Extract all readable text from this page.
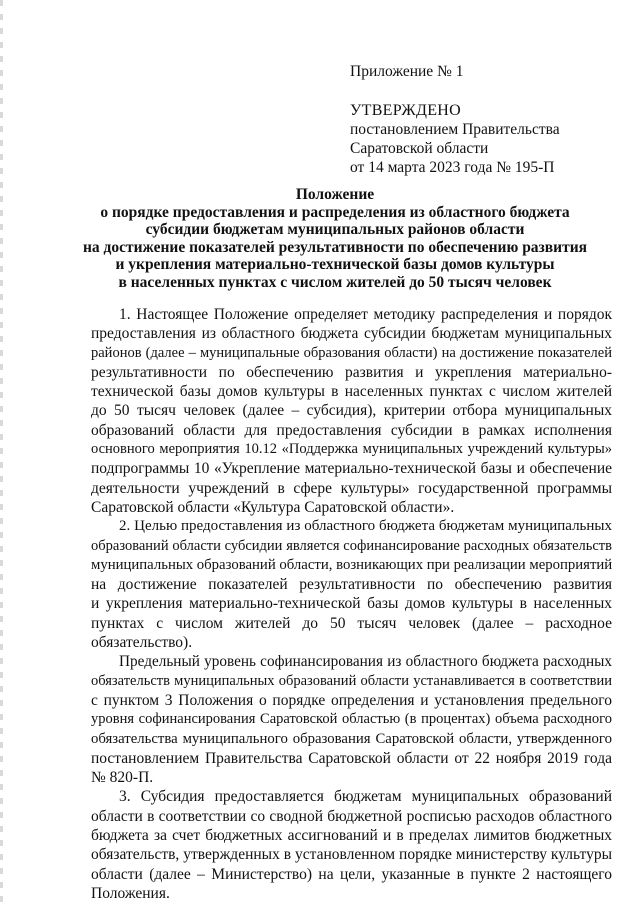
Приложение № 1
УТВЕРЖДЕНО
постановлением Правительства
Саратовской области
от 14 марта 2023 года № 195-П
Положение
о порядке предоставления и распределения из областного бюджета
субсидии бюджетам муниципальных районов области
на достижение показателей результативности по обеспечению развития
и укрепления материально-технической базы домов культуры
в населенных пунктах с числом жителей до 50 тысяч человек

1. Настоящее Положение определяет методику распределения и порядок
предоставления из областного бюджета субсидии бюджетам муниципальных
районов (далее – муниципальные образования области) на достижение показателей
результативности по обеспечению развития и укрепления материально-
технической базы домов культуры в населенных пунктах с числом жителей
до 50 тысяч человек (далее – субсидия), критерии отбора муниципальных
образований области для предоставления субсидии в рамках исполнения
основного мероприятия 10.12 «Поддержка муниципальных учреждений культуры»
подпрограммы 10 «Укрепление материально-технической базы и обеспечение
деятельности учреждений в сфере культуры» государственной программы
Саратовской области «Культура Саратовской области».

2. Целью предоставления из областного бюджета бюджетам муниципальных
образований области субсидии является софинансирование расходных обязательств
муниципальных образований области, возникающих при реализации мероприятий
на достижение показателей результативности по обеспечению развития
и укрепления материально-технической базы домов культуры в населенных
пунктах с числом жителей до 50 тысяч человек (далее – расходное
обязательство).

Предельный уровень софинансирования из областного бюджета расходных
обязательств муниципальных образований области устанавливается в соответствии
с пунктом 3 Положения о порядке определения и установления предельного
уровня софинансирования Саратовской областью (в процентах) объема расходного
обязательства муниципального образования Саратовской области, утвержденного
постановлением Правительства Саратовской области от 22 ноября 2019 года
№ 820-П.

3. Субсидия предоставляется бюджетам муниципальных образований
области в соответствии со сводной бюджетной росписью расходов областного
бюджета за счет бюджетных ассигнований и в пределах лимитов бюджетных
обязательств, утвержденных в установленном порядке министерству культуры
области (далее – Министерство) на цели, указанные в пункте 2 настоящего
Положения.
